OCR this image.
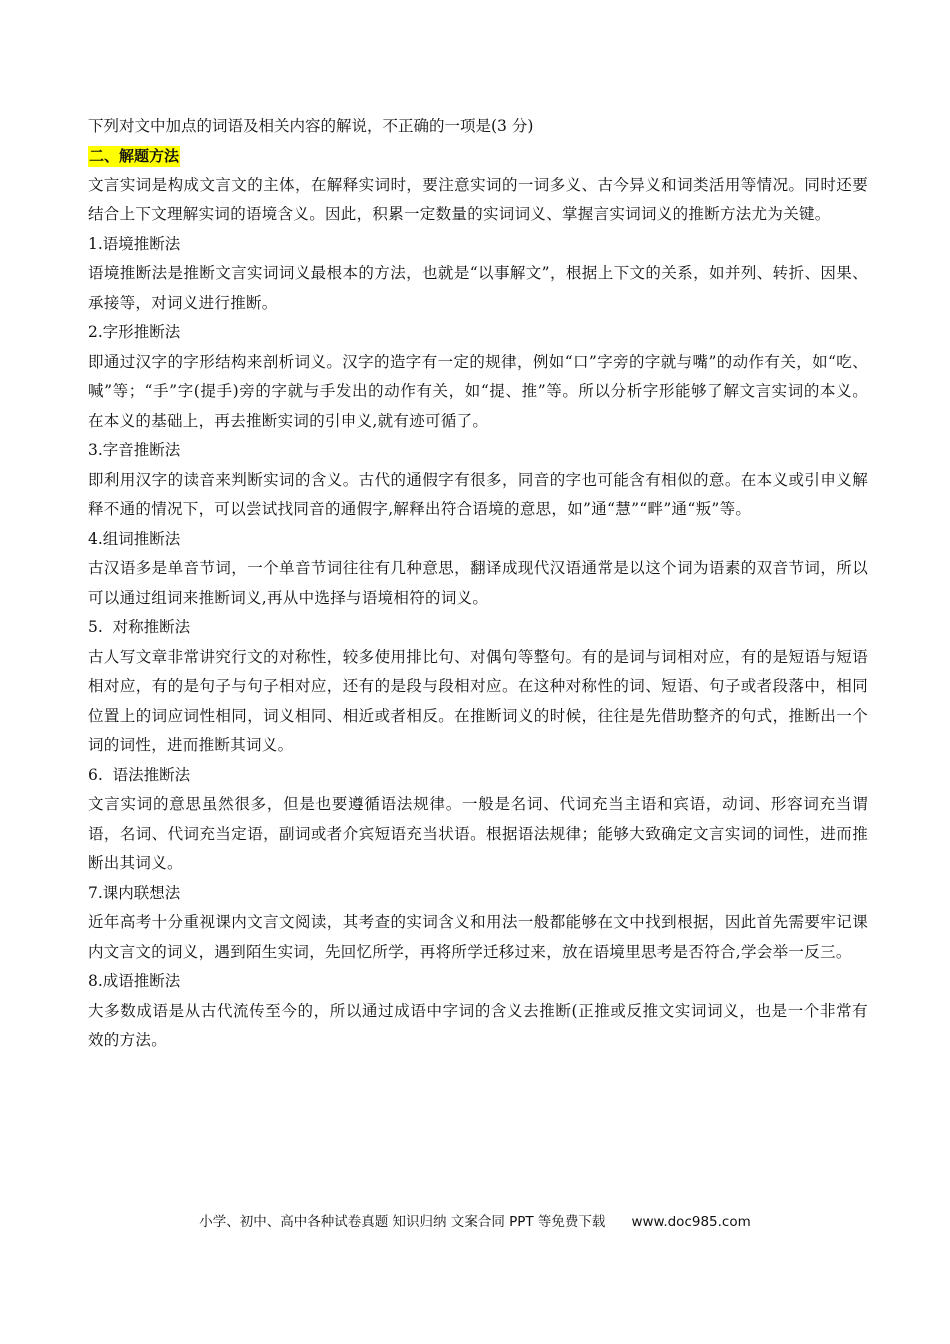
下列对文中加点的词语及相关内容的解说，不正确的一项是(3 分)

二、解题方法

文言实词是构成文言文的主体，在解释实词时，要注意实词的一词多义、古今异义和词类活用等情况。同时还要结合上下文理解实词的语境含义。因此，积累一定数量的实词词义、掌握言实词词义的推断方法尤为关键。

1.语境推断法

语境推断法是推断文言实词词义最根本的方法，也就是“以事解文”，根据上下文的关系，如并列、转折、因果、承接等，对词义进行推断。

2.字形推断法

即通过汉字的字形结构来剖析词义。汉字的造字有一定的规律，例如“口”字旁的字就与嘴”的动作有关，如“吃、喊”等；“手”字(提手)旁的字就与手发出的动作有关，如“提、推”等。所以分析字形能够了解文言实词的本义。在本义的基础上，再去推断实词的引申义,就有迹可循了。

3.字音推断法

即利用汉字的读音来判断实词的含义。古代的通假字有很多，同音的字也可能含有相似的意。在本义或引申义解释不通的情况下，可以尝试找同音的通假字,解释出符合语境的意思，如”通“慧”“畔”通“叛”等。

4.组词推断法

古汉语多是单音节词，一个单音节词往往有几种意思，翻译成现代汉语通常是以这个词为语素的双音节词，所以可以通过组词来推断词义,再从中选择与语境相符的词义。

5.  对称推断法

古人写文章非常讲究行文的对称性，较多使用排比句、对偶句等整句。有的是词与词相对应，有的是短语与短语相对应，有的是句子与句子相对应，还有的是段与段相对应。在这种对称性的词、短语、句子或者段落中，相同位置上的词应词性相同，词义相同、相近或者相反。在推断词义的时候，往往是先借助整齐的句式，推断出一个词的词性，进而推断其词义。

6.  语法推断法

文言实词的意思虽然很多，但是也要遵循语法规律。一般是名词、代词充当主语和宾语，动词、形容词充当谓语，名词、代词充当定语，副词或者介宾短语充当状语。根据语法规律；能够大致确定文言实词的词性，进而推断出其词义。

7.课内联想法

近年高考十分重视课内文言文阅读，其考查的实词含义和用法一般都能够在文中找到根据，因此首先需要牢记课内文言文的词义，遇到陌生实词，先回忆所学，再将所学迁移过来，放在语境里思考是否符合,学会举一反三。

8.成语推断法

大多数成语是从古代流传至今的，所以通过成语中字词的含义去推断(正推或反推文实词词义，也是一个非常有效的方法。

小学、初中、高中各种试卷真题 知识归纳 文案合同 PPT 等免费下载 www.doc985.com
